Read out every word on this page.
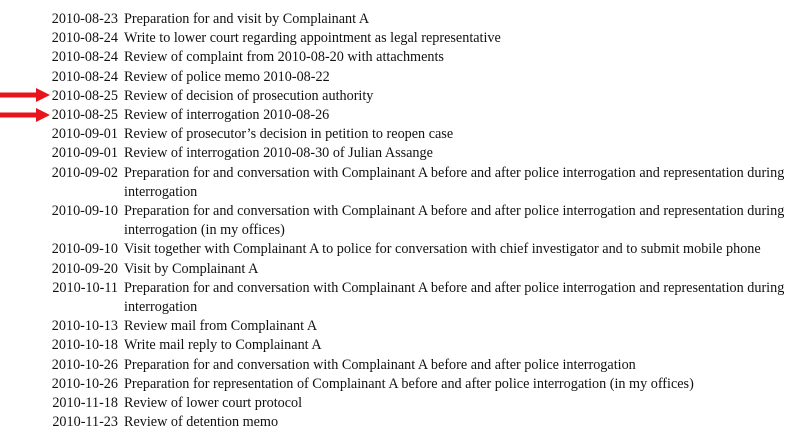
2010-08-23 Preparation for and visit by Complainant A
2010-08-24 Write to lower court regarding appointment as legal representative
2010-08-24 Review of complaint from 2010-08-20 with attachments
2010-08-24 Review of police memo 2010-08-22
2010-08-25 Review of decision of prosecution authority
2010-08-25 Review of interrogation 2010-08-26
2010-09-01 Review of prosecutor’s decision in petition to reopen case
2010-09-01 Review of interrogation 2010-08-30 of Julian Assange
2010-09-02 Preparation for and conversation with Complainant A before and after police interrogation and representation during interrogation
2010-09-10 Preparation for and conversation with Complainant A before and after police interrogation and representation during interrogation (in my offices)
2010-09-10 Visit together with Complainant A to police for conversation with chief investigator and to submit mobile phone
2010-09-20 Visit by Complainant A
2010-10-11 Preparation for and conversation with Complainant A before and after police interrogation and representation during interrogation
2010-10-13 Review mail from Complainant A
2010-10-18 Write mail reply to Complainant A
2010-10-26 Preparation for and conversation with Complainant A before and after police interrogation
2010-10-26 Preparation for representation of Complainant A before and after police interrogation (in my offices)
2010-11-18 Review of lower court protocol
2010-11-23 Review of detention memo
